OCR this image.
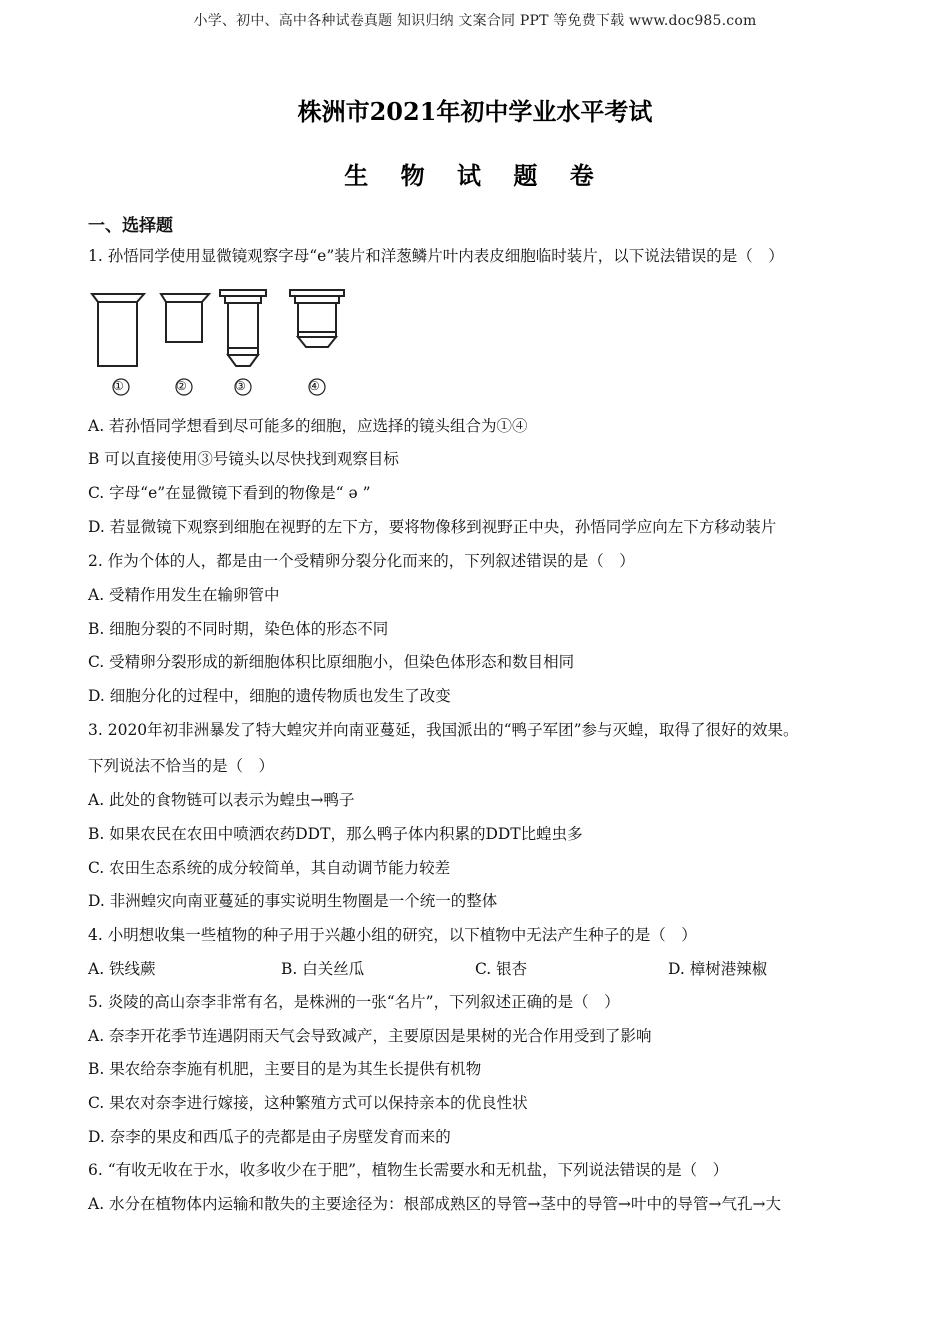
小学、初中、高中各种试卷真题 知识归纳 文案合同 PPT 等免费下载 www.doc985.com
株洲市2021年初中学业水平考试
生 物 试 题 卷
一、选择题
1. 孙悟同学使用显微镜观察字母“e”装片和洋葱鳞片叶内表皮细胞临时装片，以下说法错误的是（　）
A. 若孙悟同学想看到尽可能多的细胞，应选择的镜头组合为①④
B 可以直接使用③号镜头以尽快找到观察目标
C. 字母“e”在显微镜下看到的物像是“ ə ”
D. 若显微镜下观察到细胞在视野的左下方，要将物像移到视野正中央，孙悟同学应向左下方移动装片
2. 作为个体的人，都是由一个受精卵分裂分化而来的，下列叙述错误的是（　）
A. 受精作用发生在输卵管中
B. 细胞分裂的不同时期，染色体的形态不同
C. 受精卵分裂形成的新细胞体积比原细胞小，但染色体形态和数目相同
D. 细胞分化的过程中，细胞的遗传物质也发生了改变
3. 2020年初非洲暴发了特大蝗灾并向南亚蔓延，我国派出的“鸭子军团”参与灭蝗，取得了很好的效果。
下列说法不恰当的是（　）
A. 此处的食物链可以表示为蝗虫→鸭子
B. 如果农民在农田中喷洒农药DDT，那么鸭子体内积累的DDT比蝗虫多
C. 农田生态系统的成分较简单，其自动调节能力较差
D. 非洲蝗灾向南亚蔓延的事实说明生物圈是一个统一的整体
4. 小明想收集一些植物的种子用于兴趣小组的研究，以下植物中无法产生种子的是（　）
A. 铁线蕨	B. 白关丝瓜	C. 银杏	D. 樟树港辣椒
5. 炎陵的高山奈李非常有名，是株洲的一张“名片”，下列叙述正确的是（　）
A. 奈李开花季节连遇阴雨天气会导致减产，主要原因是果树的光合作用受到了影响
B. 果农给奈李施有机肥，主要目的是为其生长提供有机物
C. 果农对奈李进行嫁接，这种繁殖方式可以保持亲本的优良性状
D. 奈李的果皮和西瓜子的壳都是由子房壁发育而来的
6. “有收无收在于水，收多收少在于肥”，植物生长需要水和无机盐，下列说法错误的是（　）
A. 水分在植物体内运输和散失的主要途径为：根部成熟区的导管→茎中的导管→叶中的导管→气孔→大
①	②	③	④
